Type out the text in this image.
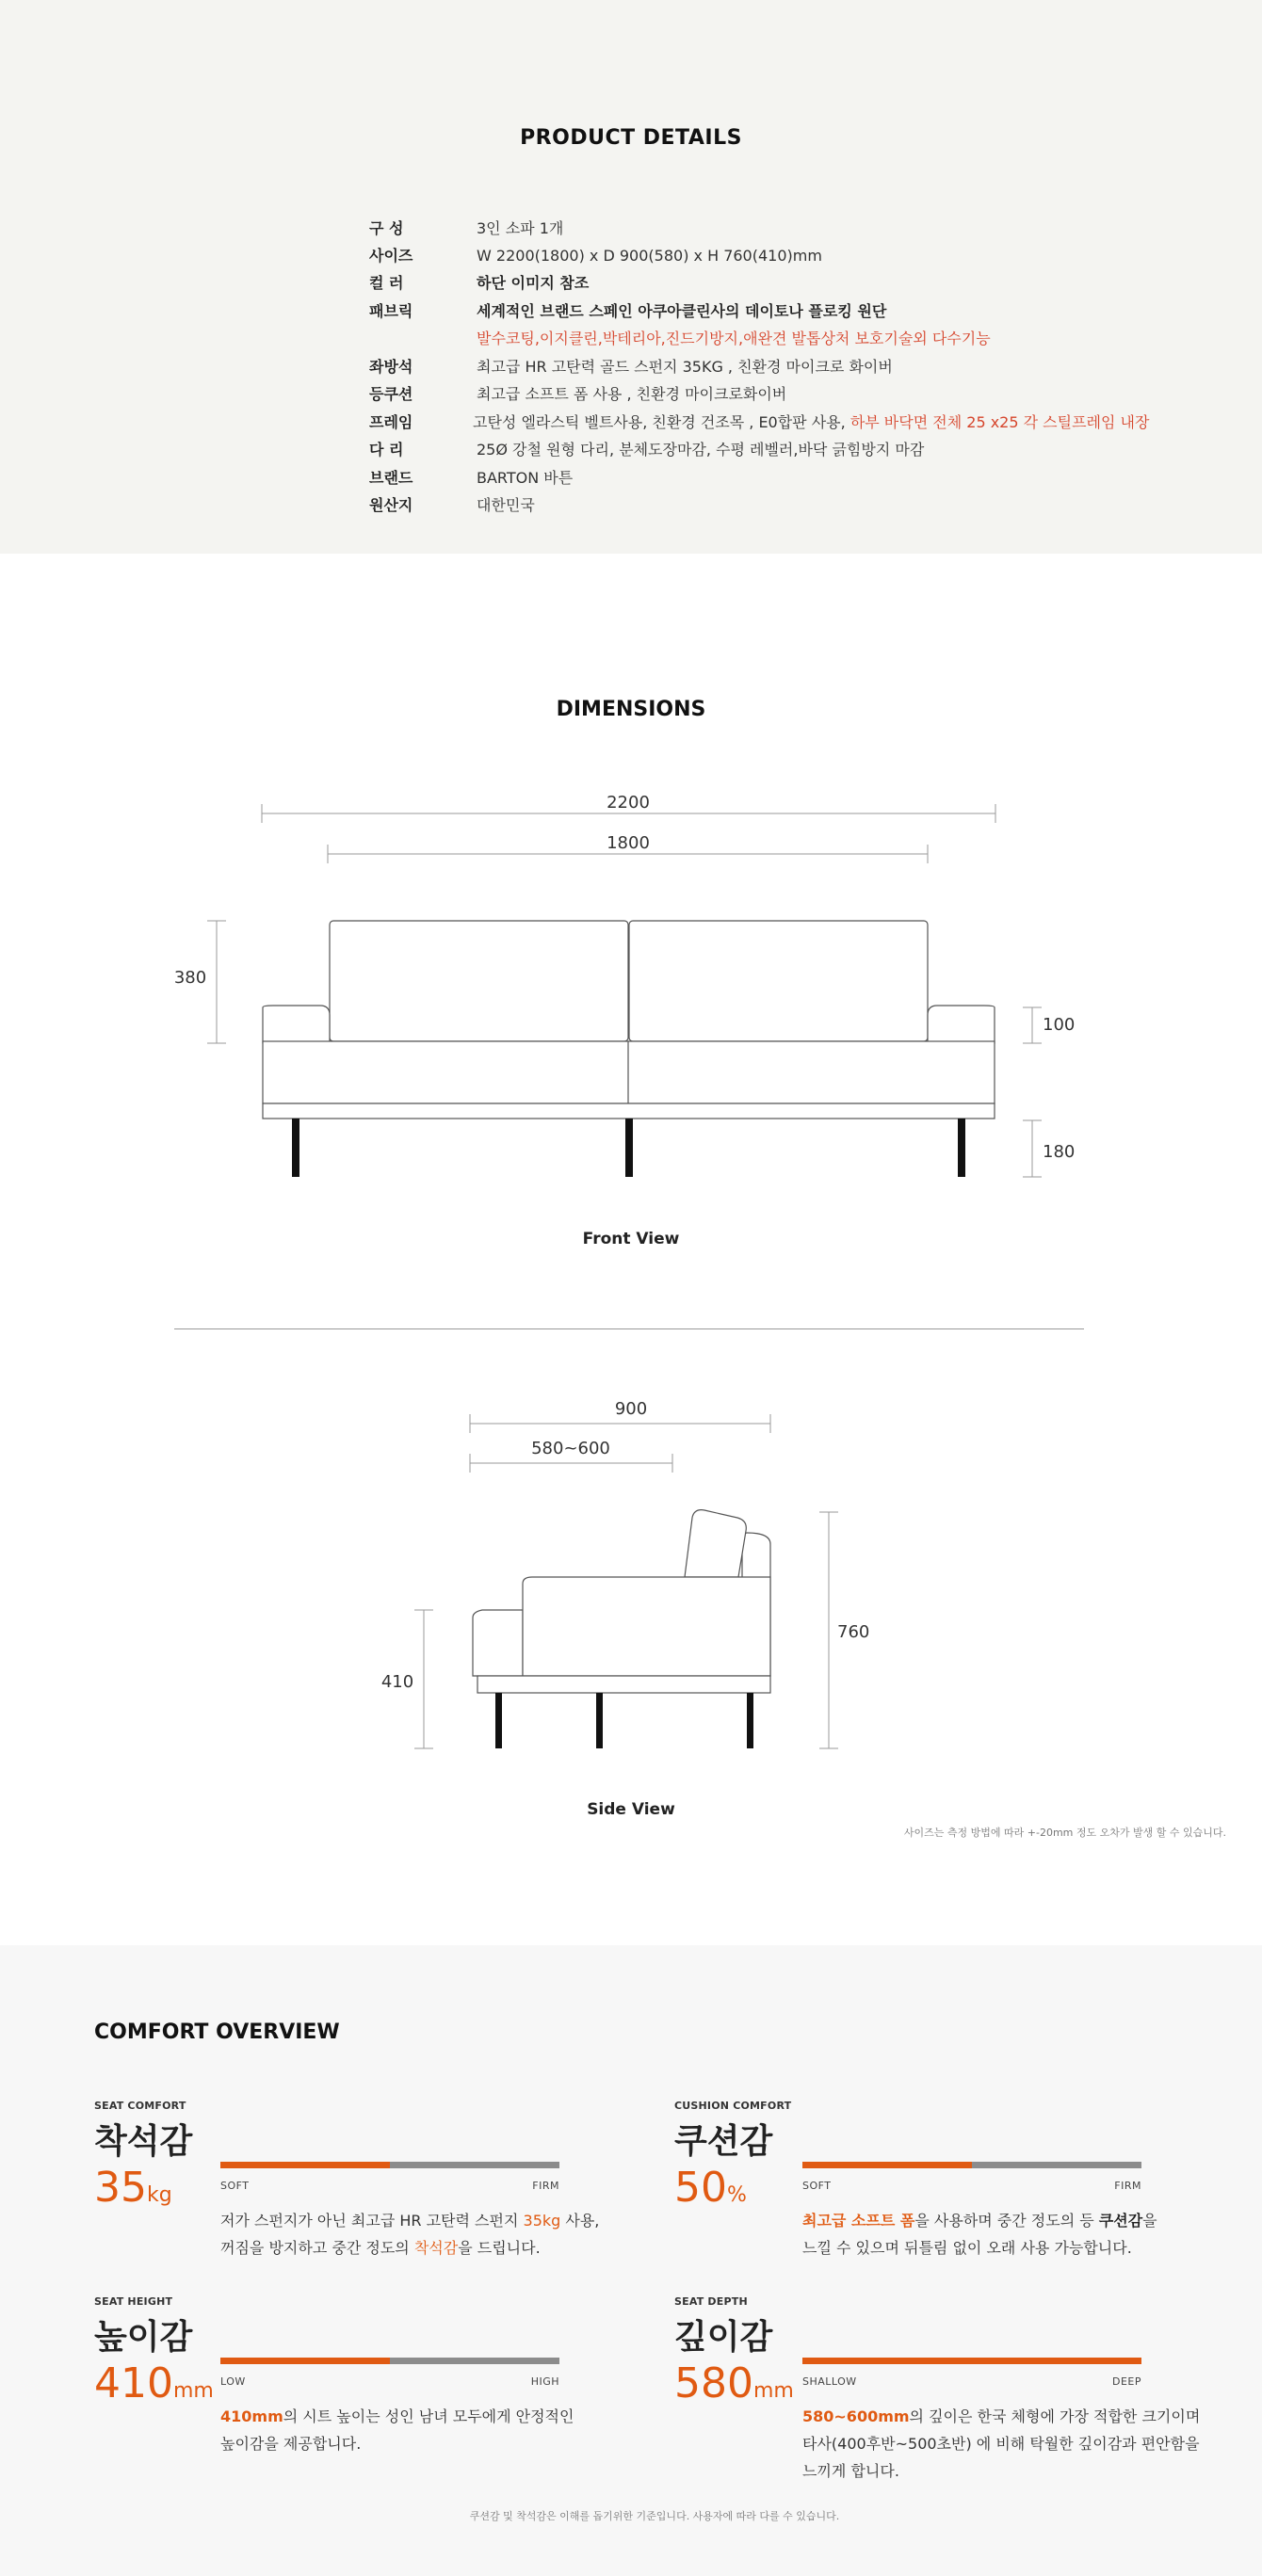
PRODUCT DETAILS
구 성	3인 소파 1개
사이즈	W 2200(1800) x D 900(580) x H 760(410)mm
컬 러	하단 이미지 참조
패브릭	세계적인 브랜드 스페인 아쿠아클린사의 데이토나 플로킹 원단
발수코팅,이지클린,박테리아,진드기방지,애완견 발톱상처 보호기술외 다수기능
좌방석	최고급 HR 고탄력 골드 스펀지 35KG , 친환경 마이크로 화이버
등쿠션	최고급 소프트 폼 사용 , 친환경 마이크로화이버
프레임	고탄성 엘라스틱 벨트사용, 친환경 건조목 , E0합판 사용, 하부 바닥면 전체 25 x25 각 스틸프레임 내장
다 리	25Ø 강철 원형 다리, 분체도장마감, 수평 레벨러,바닥 긁힘방지 마감
브랜드	BARTON 바튼
원산지	대한민국
DIMENSIONS
2200
1800
380
100
180
Front View
900
580~600
410
760
Side View
사이즈는 측정 방법에 따라 +-20mm 정도 오차가 발생 할 수 있습니다.
COMFORT OVERVIEW
SEAT COMFORT
착석감
35kg	SOFT	FIRM
저가 스펀지가 아닌 최고급 HR 고탄력 스펀지 35kg 사용,
꺼짐을 방지하고 중간 정도의 착석감을 드립니다.
CUSHION COMFORT
쿠션감
50%	SOFT	FIRM
최고급 소프트 폼을 사용하며 중간 정도의 등 쿠션감을
느낄 수 있으며 뒤틀림 없이 오래 사용 가능합니다.
SEAT HEIGHT
높이감
410mm LOW	HIGH
410mm의 시트 높이는 성인 남녀 모두에게 안정적인
높이감을 제공합니다.
SEAT DEPTH
깊이감
580mm SHALLOW	DEEP
580~600mm의 깊이은 한국 체형에 가장 적합한 크기이며
타사(400후반~500초반) 에 비해 탁월한 깊이감과 편안함을
느끼게 합니다.
쿠션감 및 착석감은 이해를 돕기위한 기준입니다. 사용자에 따라 다를 수 있습니다.
